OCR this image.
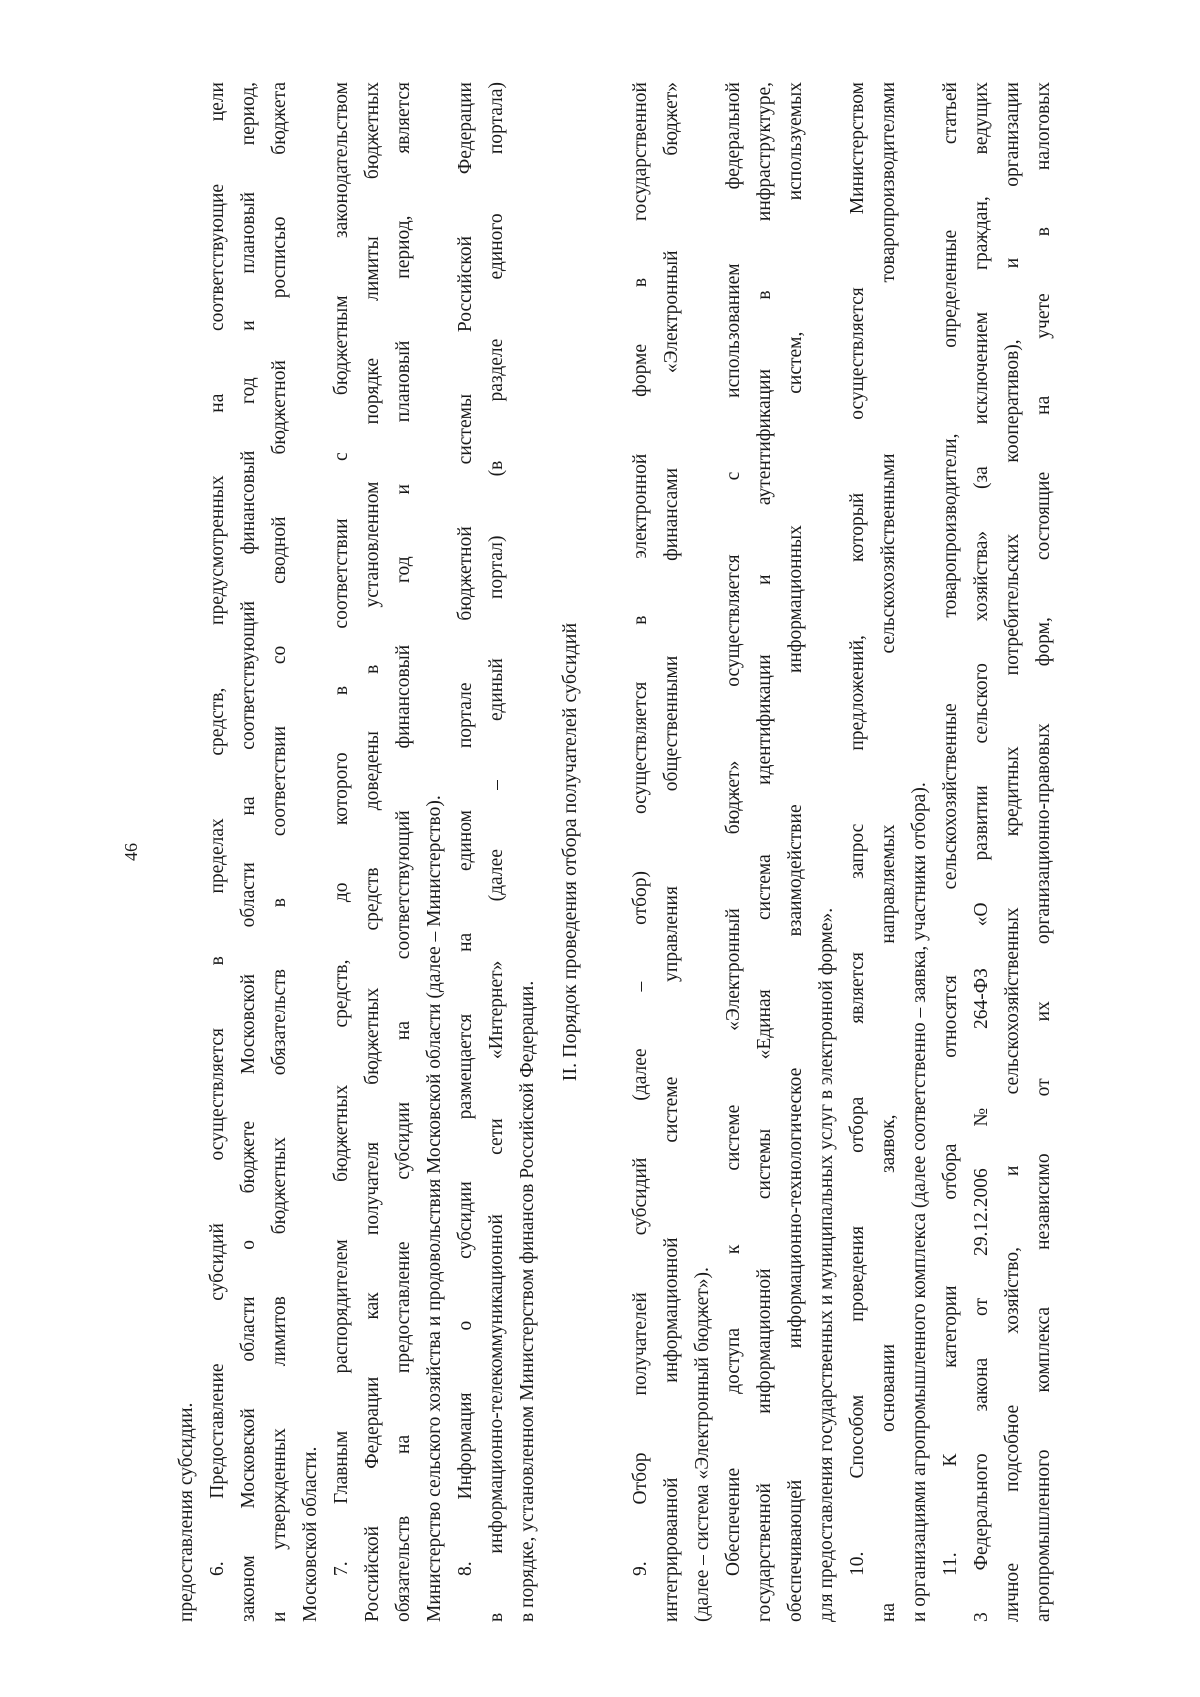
46
предоставления субсидии. 6. Предоставление субсидий осуществляется в пределах средств, предусмотренных на соответствующие цели законом Московской области о бюджете Московской области на соответствующий финансовый год и плановый период, и утвержденных лимитов бюджетных обязательств в соответствии со сводной бюджетной росписью бюджета Московской области. 7. Главным распорядителем бюджетных средств, до которого в соответствии с бюджетным законодательством Российской Федерации как получателя бюджетных средств доведены в установленном порядке лимиты бюджетных обязательств на предоставление субсидии на соответствующий финансовый год и плановый период, является Министерство сельского хозяйства и продовольствия Московской области (далее – Министерство). 8. Информация о субсидии размещается на едином портале бюджетной системы Российской Федерации в информационно-телекоммуникационной сети «Интернет» (далее – единый портал) (в разделе единого портала) в порядке, установленном Министерством финансов Российской Федерации.
II. Порядок проведения отбора получателей субсидий	9. Отбор получателей субсидий (далее – отбор) осуществляется в электронной форме в государственной интегрированной информационной системе управления общественными финансами «Электронный бюджет» (далее – система «Электронный бюджет»). Обеспечение доступа к системе «Электронный бюджет» осуществляется с использованием федеральной государственной информационной системы «Единая система идентификации и аутентификации в инфраструктуре, обеспечивающей информационно-технологическое взаимодействие информационных систем, используемых для предоставления государственных и муниципальных услуг в электронной форме». 10. Способом проведения отбора является запрос предложений, который осуществляется Министерством на основании заявок, направляемых сельскохозяйственными товаропроизводителями и организациями агропромышленного комплекса (далее соответственно – заявка, участники отбора). 11. К категории отбора относятся сельскохозяйственные товаропроизводители, определенные статьей 3 Федерального закона от 29.12.2006 № 264-ФЗ «О развитии сельского хозяйства» (за исключением граждан, ведущих личное подсобное хозяйство, и сельскохозяйственных кредитных потребительских кооперативов), и организации агропромышленного комплекса независимо от их организационно-правовых форм, состоящие на учете в налоговых
